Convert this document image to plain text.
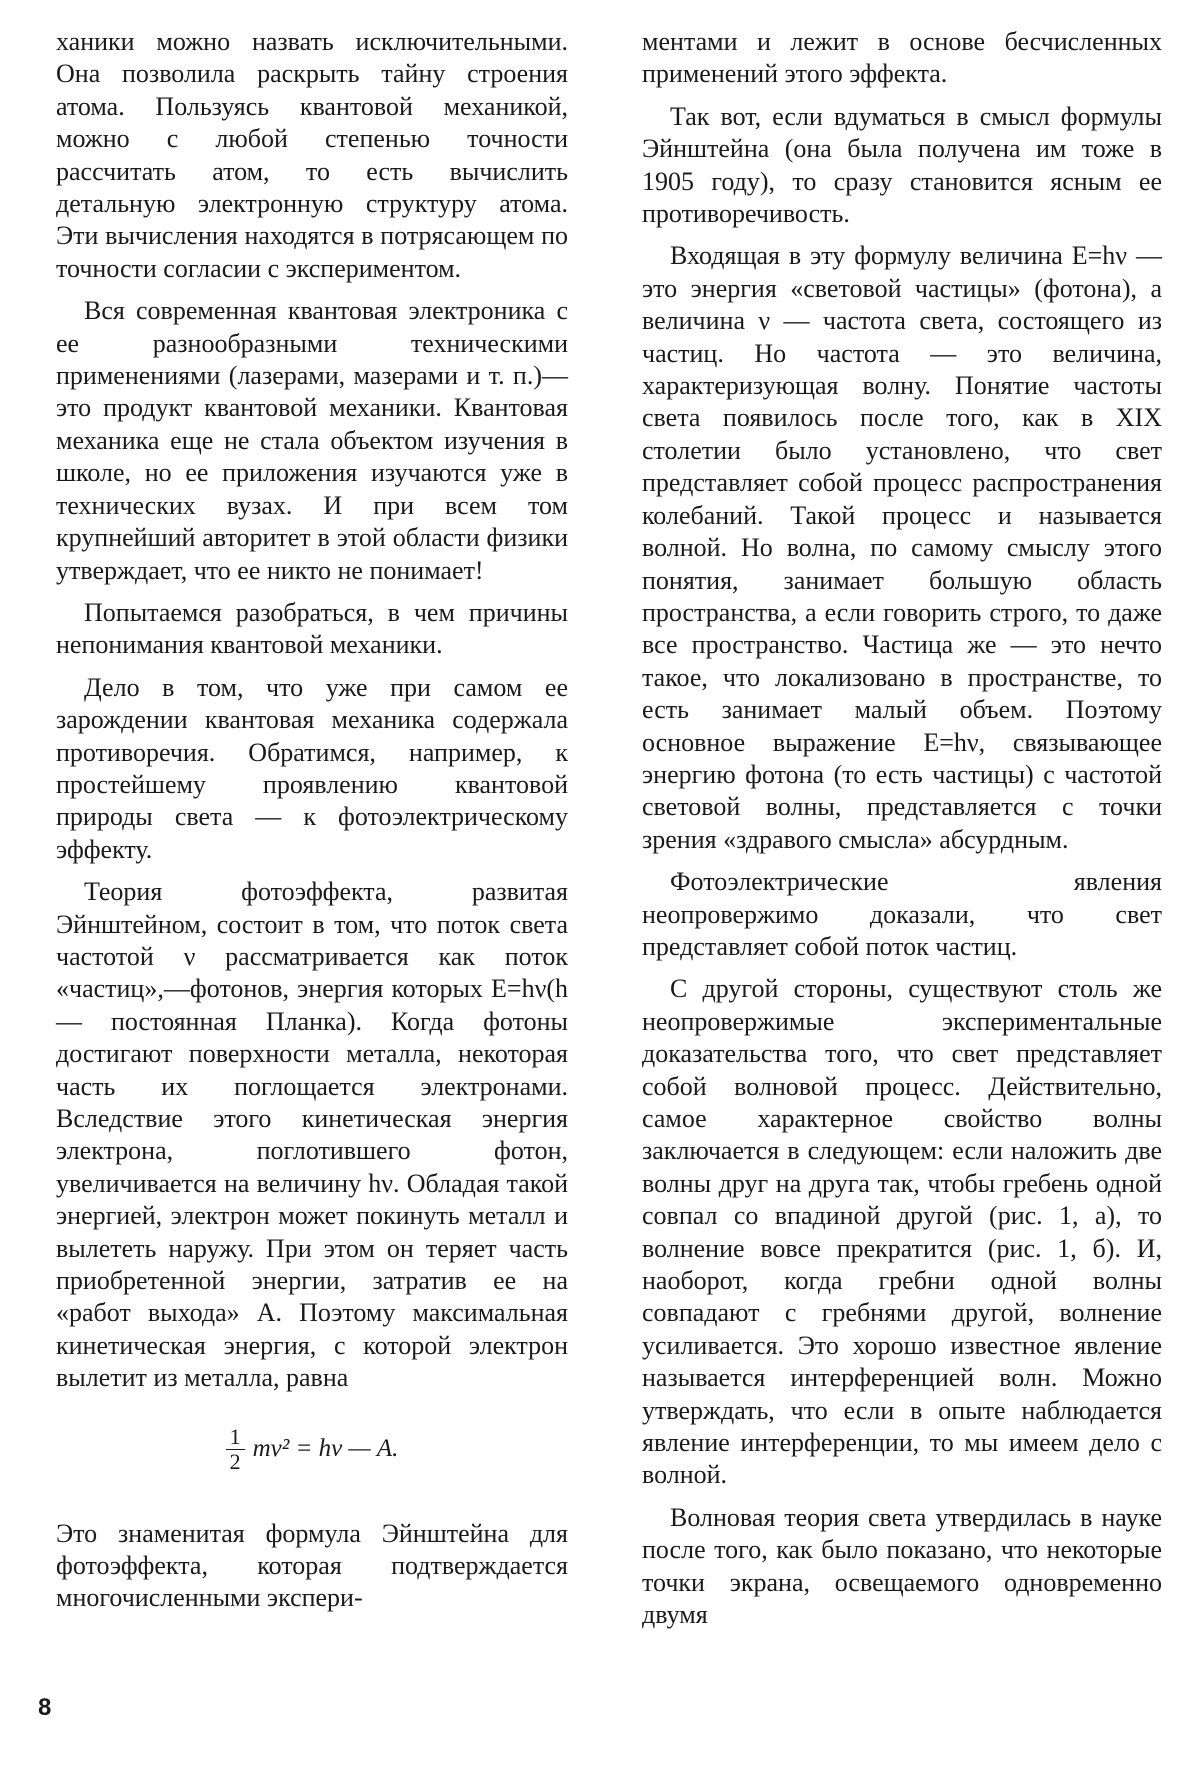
ханики можно назвать исключительными. Она позволила раскрыть тайну строения атома. Пользуясь квантовой механикой, можно с любой степенью точности рассчитать атом, то есть вычислить детальную электронную структуру атома. Эти вычисления находятся в потрясающем по точности согласии с экспериментом.

Вся современная квантовая электроника с ее разнообразными техническими применениями (лазерами, мазерами и т. п.)— это продукт квантовой механики. Квантовая механика еще не стала объектом изучения в школе, но ее приложения изучаются уже в технических вузах. И при всем том крупнейший авторитет в этой области физики утверждает, что ее никто не понимает!

Попытаемся разобраться, в чем причины непонимания квантовой механики.

Дело в том, что уже при самом ее зарождении квантовая механика содержала противоречия. Обратимся, например, к простейшему проявлению квантовой природы света — к фотоэлектрическому эффекту.

Теория фотоэффекта, развитая Эйнштейном, состоит в том, что поток света частотой ν рассматривается как поток «частиц»,—фотонов, энергия которых E=hν(h — постоянная Планка). Когда фотоны достигают поверхности металла, некоторая часть их поглощается электронами. Вследствие этого кинетическая энергия электрона, поглотившего фотон, увеличивается на величину hν. Обладая такой энергией, электрон может покинуть металл и вылететь наружу. При этом он теряет часть приобретенной энергии, затратив ее на «работ выхода» A. Поэтому максимальная кинетическая энергия, с которой электрон вылетит из металла, равна

$\frac{1}{2} mv^2 = h\nu$ — A.

Это знаменитая формула Эйнштейна для фотоэффекта, которая подтверждается многочисленными экспери-

ментами и лежит в основе бесчисленных применений этого эффекта.

Так вот, если вдуматься в смысл формулы Эйнштейна (она была получена им тоже в 1905 году), то сразу становится ясным ее противоречивость.

Входящая в эту формулу величина E=hν — это энергия «световой частицы» (фотона), а величина ν — частота света, состоящего из частиц. Но частота — это величина, характеризующая волну. Понятие частоты света появилось после того, как в XIX столетии было установлено, что свет представляет собой процесс распространения колебаний. Такой процесс и называется волной. Но волна, по самому смыслу этого понятия, занимает большую область пространства, а если говорить строго, то даже все пространство. Частица же — это нечто такое, что локализовано в пространстве, то есть занимает малый объем. Поэтому основное выражение E=hν, связывающее энергию фотона (то есть частицы) с частотой световой волны, представляется с точки зрения «здравого смысла» абсурдным.

Фотоэлектрические явления неопровержимо доказали, что свет представляет собой поток частиц.

С другой стороны, существуют столь же неопровержимые экспериментальные доказательства того, что свет представляет собой волновой процесс. Действительно, самое характерное свойство волны заключается в следующем: если наложить две волны друг на друга так, чтобы гребень одной совпал со впадиной другой (рис. 1, а), то волнение вовсе прекратится (рис. 1, б). И, наоборот, когда гребни одной волны совпадают с гребнями другой, волнение усиливается. Это хорошо известное явление называется интерференцией волн. Можно утверждать, что если в опыте наблюдается явление интерференции, то мы имеем дело с волной.

Волновая теория света утвердилась в науке после того, как было показано, что некоторые точки экрана, освещаемого одновременно двумя

8
